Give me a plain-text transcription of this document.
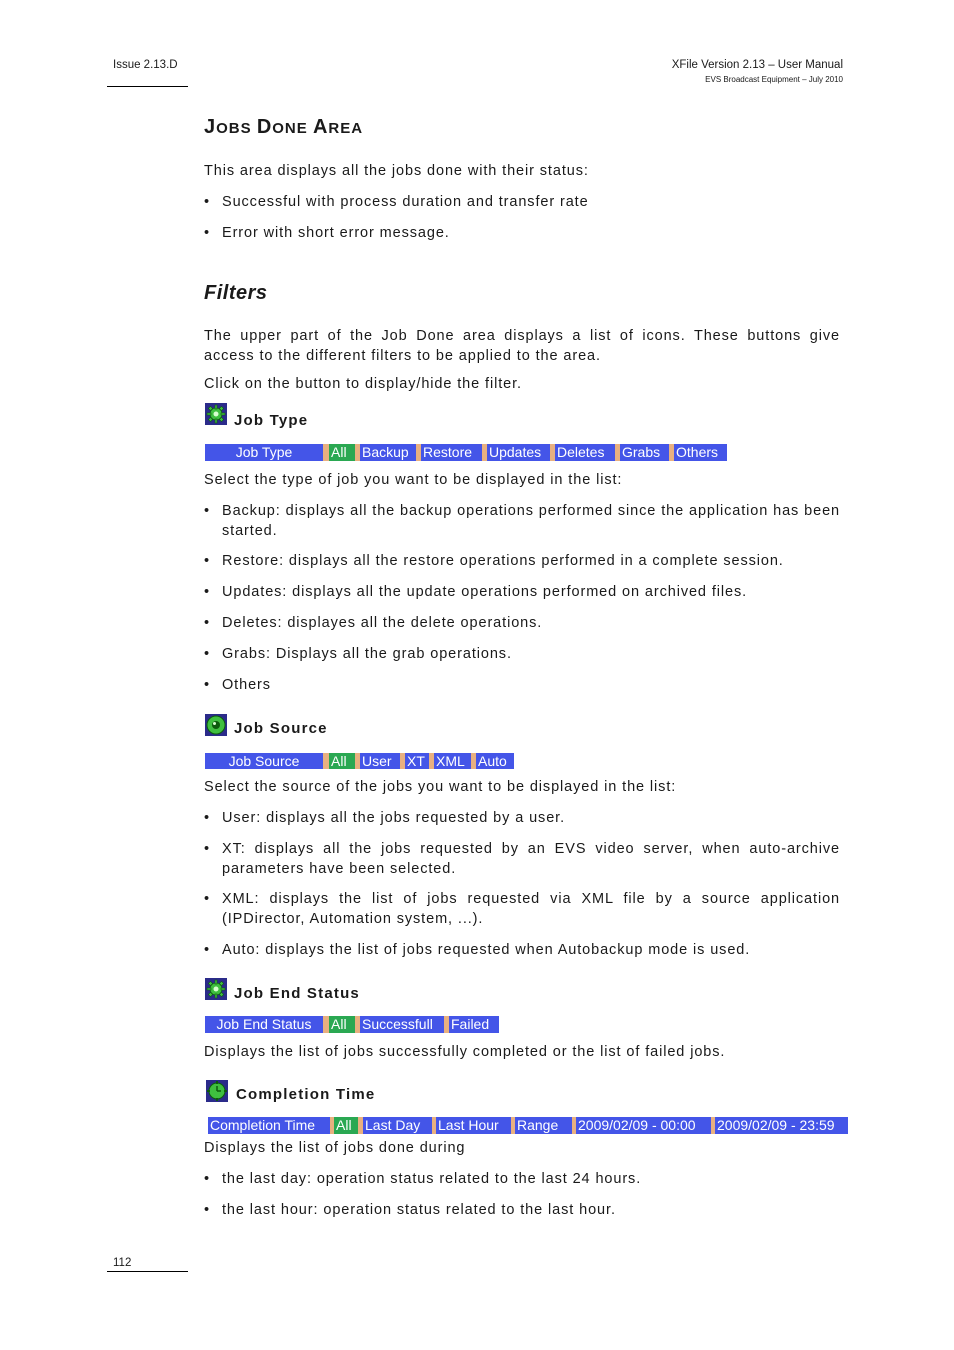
Issue 2.13.D	XFile Version 2.13 – User Manual
EVS Broadcast Equipment – July 2010
JOBS DONE AREA
This area displays all the jobs done with their status:
• Successful with process duration and transfer rate
• Error with short error message.
Filters
The upper part of the Job Done area displays a list of icons. These buttons give access to the different filters to be applied to the area.
Click on the button to display/hide the filter.
Job Type
Job Type	All	Backup	Restore	Updates	Deletes	Grabs	Others
Select the type of job you want to be displayed in the list:
• Backup: displays all the backup operations performed since the application has been started.
• Restore: displays all the restore operations performed in a complete session.
• Updates: displays all the update operations performed on archived files.
• Deletes: displayes all the delete operations.
• Grabs: Displays all the grab operations.
• Others
Job Source
Job Source	All	User	XT XML Auto
Select the source of the jobs you want to be displayed in the list:
• User: displays all the jobs requested by a user.
• XT: displays all the jobs requested by an EVS video server, when auto-archive parameters have been selected.
• XML: displays the list of jobs requested via XML file by a source application (IPDirector, Automation system, ...).
• Auto: displays the list of jobs requested when Autobackup mode is used.
Job End Status
Job End Status	All	Successfull	Failed
Displays the list of jobs successfully completed or the list of failed jobs.
Completion Time
Completion Time	All Last Day	Last Hour	Range	2009/02/09 - 00:00	2009/02/09 - 23:59
Displays the list of jobs done during
• the last day: operation status related to the last 24 hours.
• the last hour: operation status related to the last hour.
112
